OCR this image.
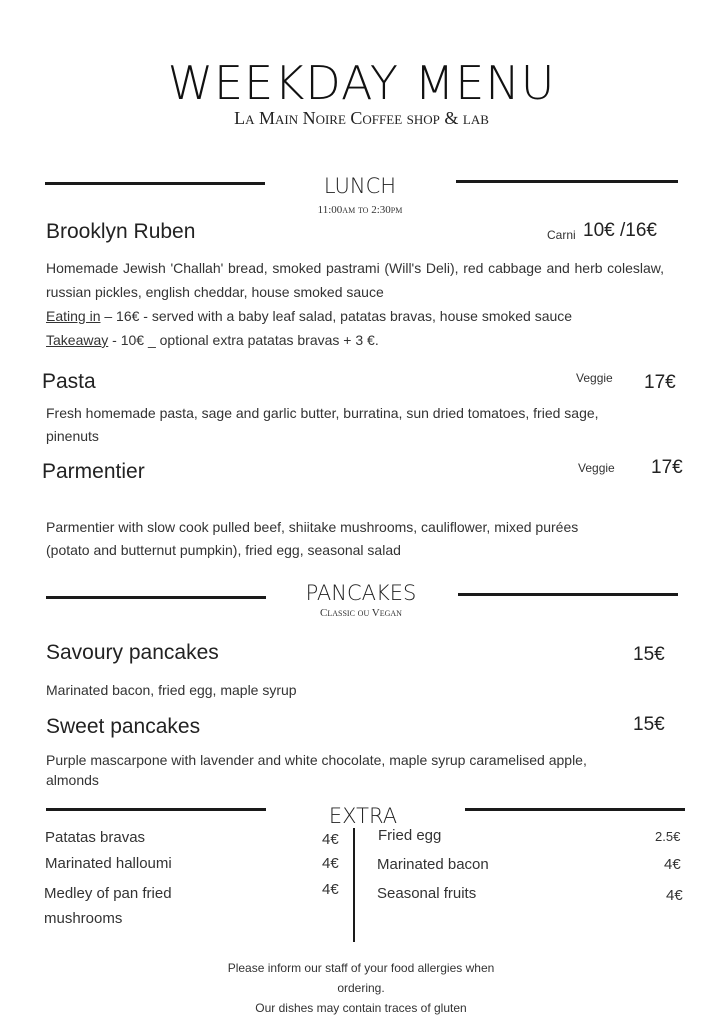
WEEKDAY MENU
La Main Noire Coffee shop & lab
LUNCH
11:00am to 2:30pm
Brooklyn Ruben	Carni 10€ /16€
Homemade Jewish 'Challah' bread, smoked pastrami (Will's Deli), red cabbage and herb coleslaw, russian pickles, english cheddar, house smoked sauce
Eating in – 16€ - served with a baby leaf salad, patatas bravas, house smoked sauce
Takeaway - 10€ _ optional extra patatas bravas + 3 €.
Pasta	Veggie 17€
Fresh homemade pasta, sage and garlic butter, burratina, sun dried tomatoes, fried sage, pinenuts
Parmentier	Veggie 17€
Parmentier with slow cook pulled beef, shiitake mushrooms, cauliflower, mixed purées (potato and butternut pumpkin), fried egg, seasonal salad
PANCAKES
Classic ou Vegan
Savoury pancakes	15€
Marinated bacon, fried egg, maple syrup
Sweet pancakes	15€
Purple mascarpone with lavender and white chocolate, maple syrup caramelised apple, almonds
EXTRA
Patatas bravas	4€
Marinated halloumi	4€
Medley of pan fried mushrooms
4€
Fried egg	2.5€
Marinated bacon	4€
Seasonal fruits	4€
Please inform our staff of your food allergies when ordering.
Our dishes may contain traces of gluten
